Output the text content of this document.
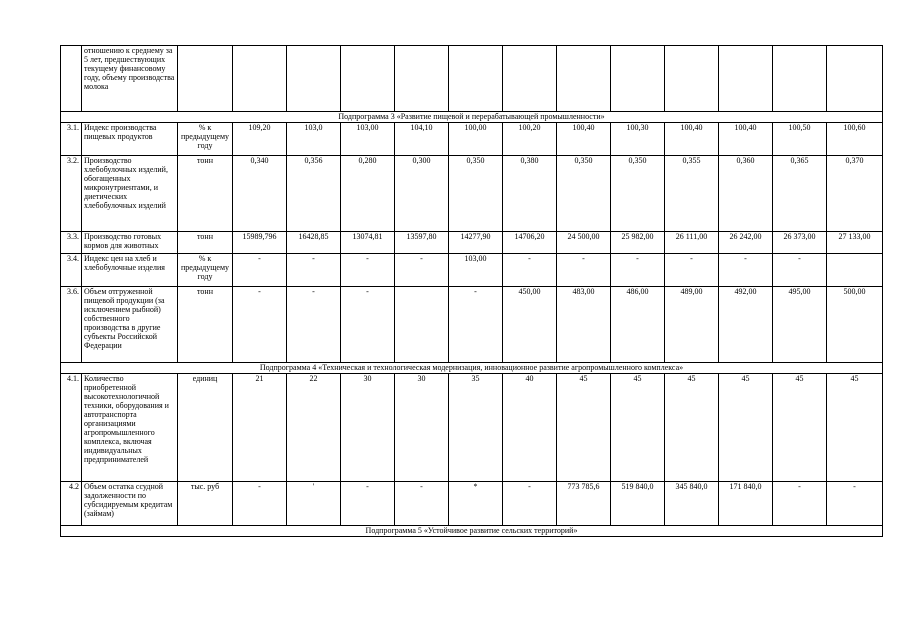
	отношению к среднему за 5 лет, предшествующих текущему финансовому году, объему производства молока													
Подпрограмма 3 «Развитие пищевой и перерабатывающей промышленности»														
3.1.	Индекс производства пищевых продуктов	% к предыдущему году	109,20	103,0	103,00	104,10	100,00	100,20	100,40	100,30	100,40	100,40	100,50	100,60
3.2.	Производство хлебобулочных изделий, обогащенных микронутриентами, и диетических хлебобулочных изделий	тонн	0,340	0,356	0,280	0,300	0,350	0,380	0,350	0,350	0,355	0,360	0,365	0,370
3.3.	Производство готовых кормов для животных	тонн	15989,796	16428,85	13074,81	13597,80	14277,90	14706,20	24 500,00	25 982,00	26 111,00	26 242,00	26 373,00	27 133,00
3.4.	Индекс цен на хлеб и хлебобулочные изделия	% к предыдущему году	-	-	-	-	103,00	-	-	-	-	-	-	
3.6.	Объем отгруженной пищевой продукции (за исключением рыбной) собственного производства в другие субъекты Российской Федерации	тонн	-	-	-		-	450,00	483,00	486,00	489,00	492,00	495,00	500,00
Подпрограмма 4 «Техническая и технологическая модернизация, инновационное развитие агропромышленного комплекса»														
4.1.	Количество приобретенной высокотехнологичной техники, оборудования и автотранспорта организациями агропромышленного комплекса, включая индивидуальных предпринимателей	единиц	21	22	30	30	35	40	45	45	45	45	45	45
4.2	Объем остатка ссудной задолженности по субсидируемым кредитам (займам)	тыс. руб	-	'	-	-	*	-	773 785,6	519 840,0	345 840,0	171 840,0	-	-
Подпрограмма 5 «Устойчивое развитие сельских территорий»														
